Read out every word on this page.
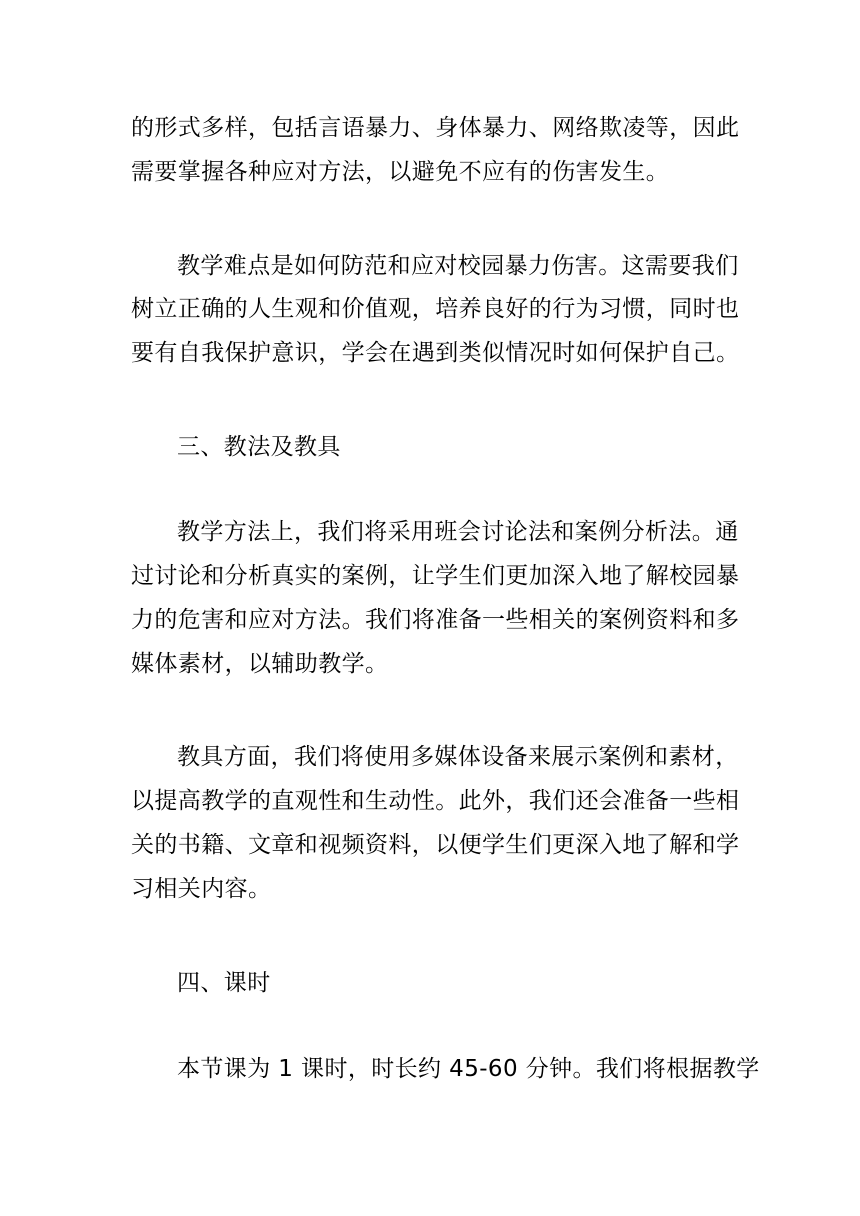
的形式多样，包括言语暴力、身体暴力、网络欺凌等，因此
需要掌握各种应对方法，以避免不应有的伤害发生。
教学难点是如何防范和应对校园暴力伤害。这需要我们
树立正确的人生观和价值观，培养良好的行为习惯，同时也
要有自我保护意识，学会在遇到类似情况时如何保护自己。
三、教法及教具
教学方法上，我们将采用班会讨论法和案例分析法。通
过讨论和分析真实的案例，让学生们更加深入地了解校园暴
力的危害和应对方法。我们将准备一些相关的案例资料和多
媒体素材，以辅助教学。
教具方面，我们将使用多媒体设备来展示案例和素材，
以提高教学的直观性和生动性。此外，我们还会准备一些相
关的书籍、文章和视频资料，以便学生们更深入地了解和学
习相关内容。
四、课时
本节课为 1 课时，时长约 45-60 分钟。我们将根据教学
